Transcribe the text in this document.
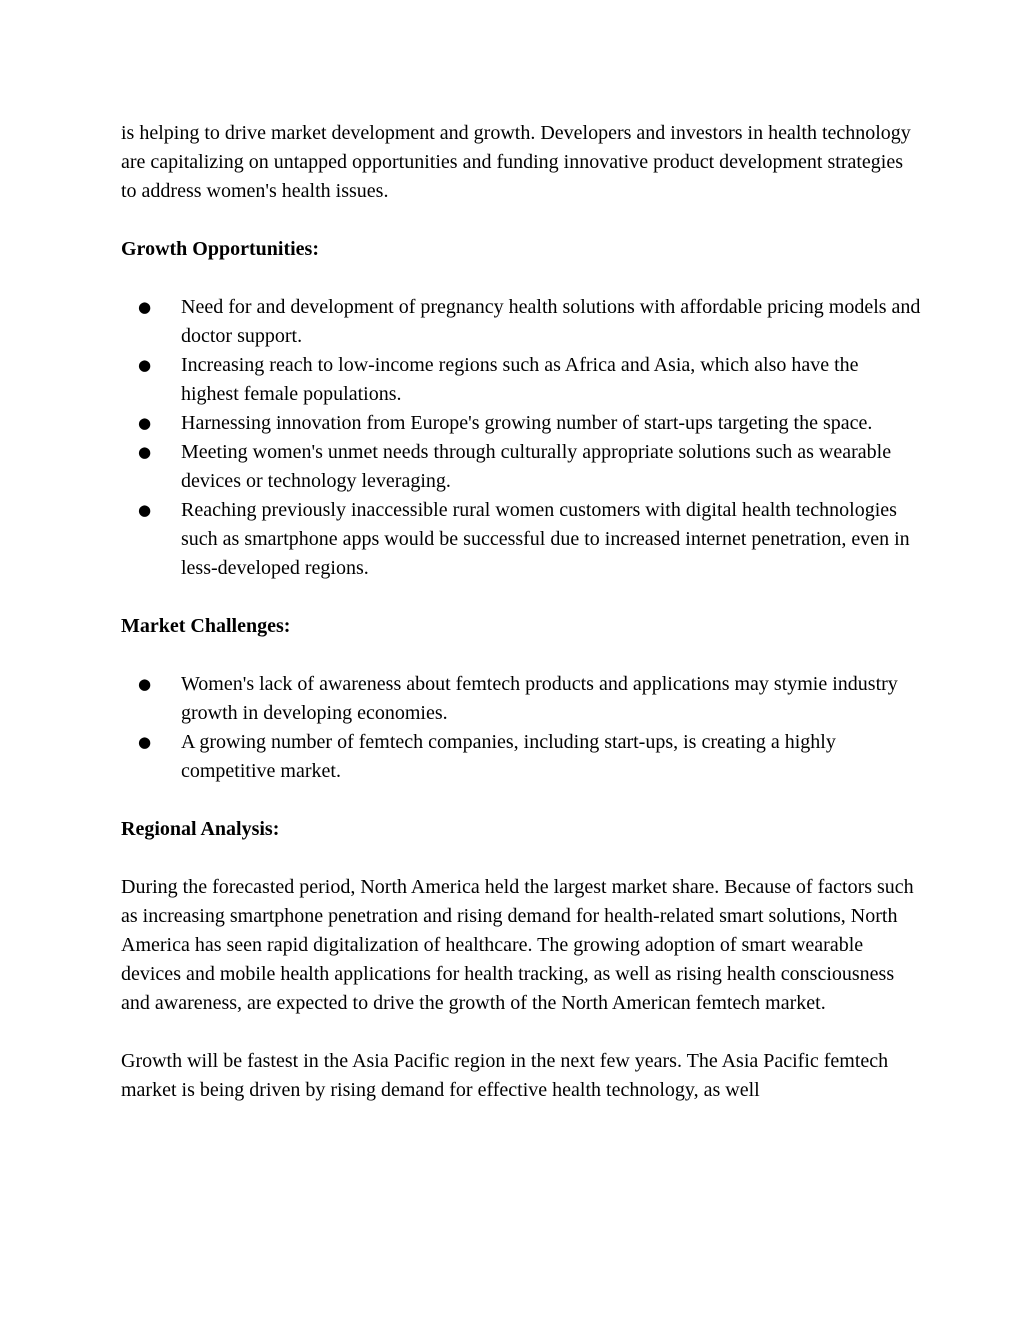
is helping to drive market development and growth. Developers and investors in health technology are capitalizing on untapped opportunities and funding innovative product development strategies to address women's health issues.

Growth Opportunities:

● Need for and development of pregnancy health solutions with affordable pricing models and doctor support.
● Increasing reach to low-income regions such as Africa and Asia, which also have the highest female populations.
● Harnessing innovation from Europe's growing number of start-ups targeting the space.
● Meeting women's unmet needs through culturally appropriate solutions such as wearable devices or technology leveraging.
● Reaching previously inaccessible rural women customers with digital health technologies such as smartphone apps would be successful due to increased internet penetration, even in less-developed regions.

Market Challenges:

● Women's lack of awareness about femtech products and applications may stymie industry growth in developing economies.
● A growing number of femtech companies, including start-ups, is creating a highly competitive market.

Regional Analysis:

During the forecasted period, North America held the largest market share. Because of factors such as increasing smartphone penetration and rising demand for health-related smart solutions, North America has seen rapid digitalization of healthcare. The growing adoption of smart wearable devices and mobile health applications for health tracking, as well as rising health consciousness and awareness, are expected to drive the growth of the North American femtech market.

Growth will be fastest in the Asia Pacific region in the next few years. The Asia Pacific femtech market is being driven by rising demand for effective health technology, as well
